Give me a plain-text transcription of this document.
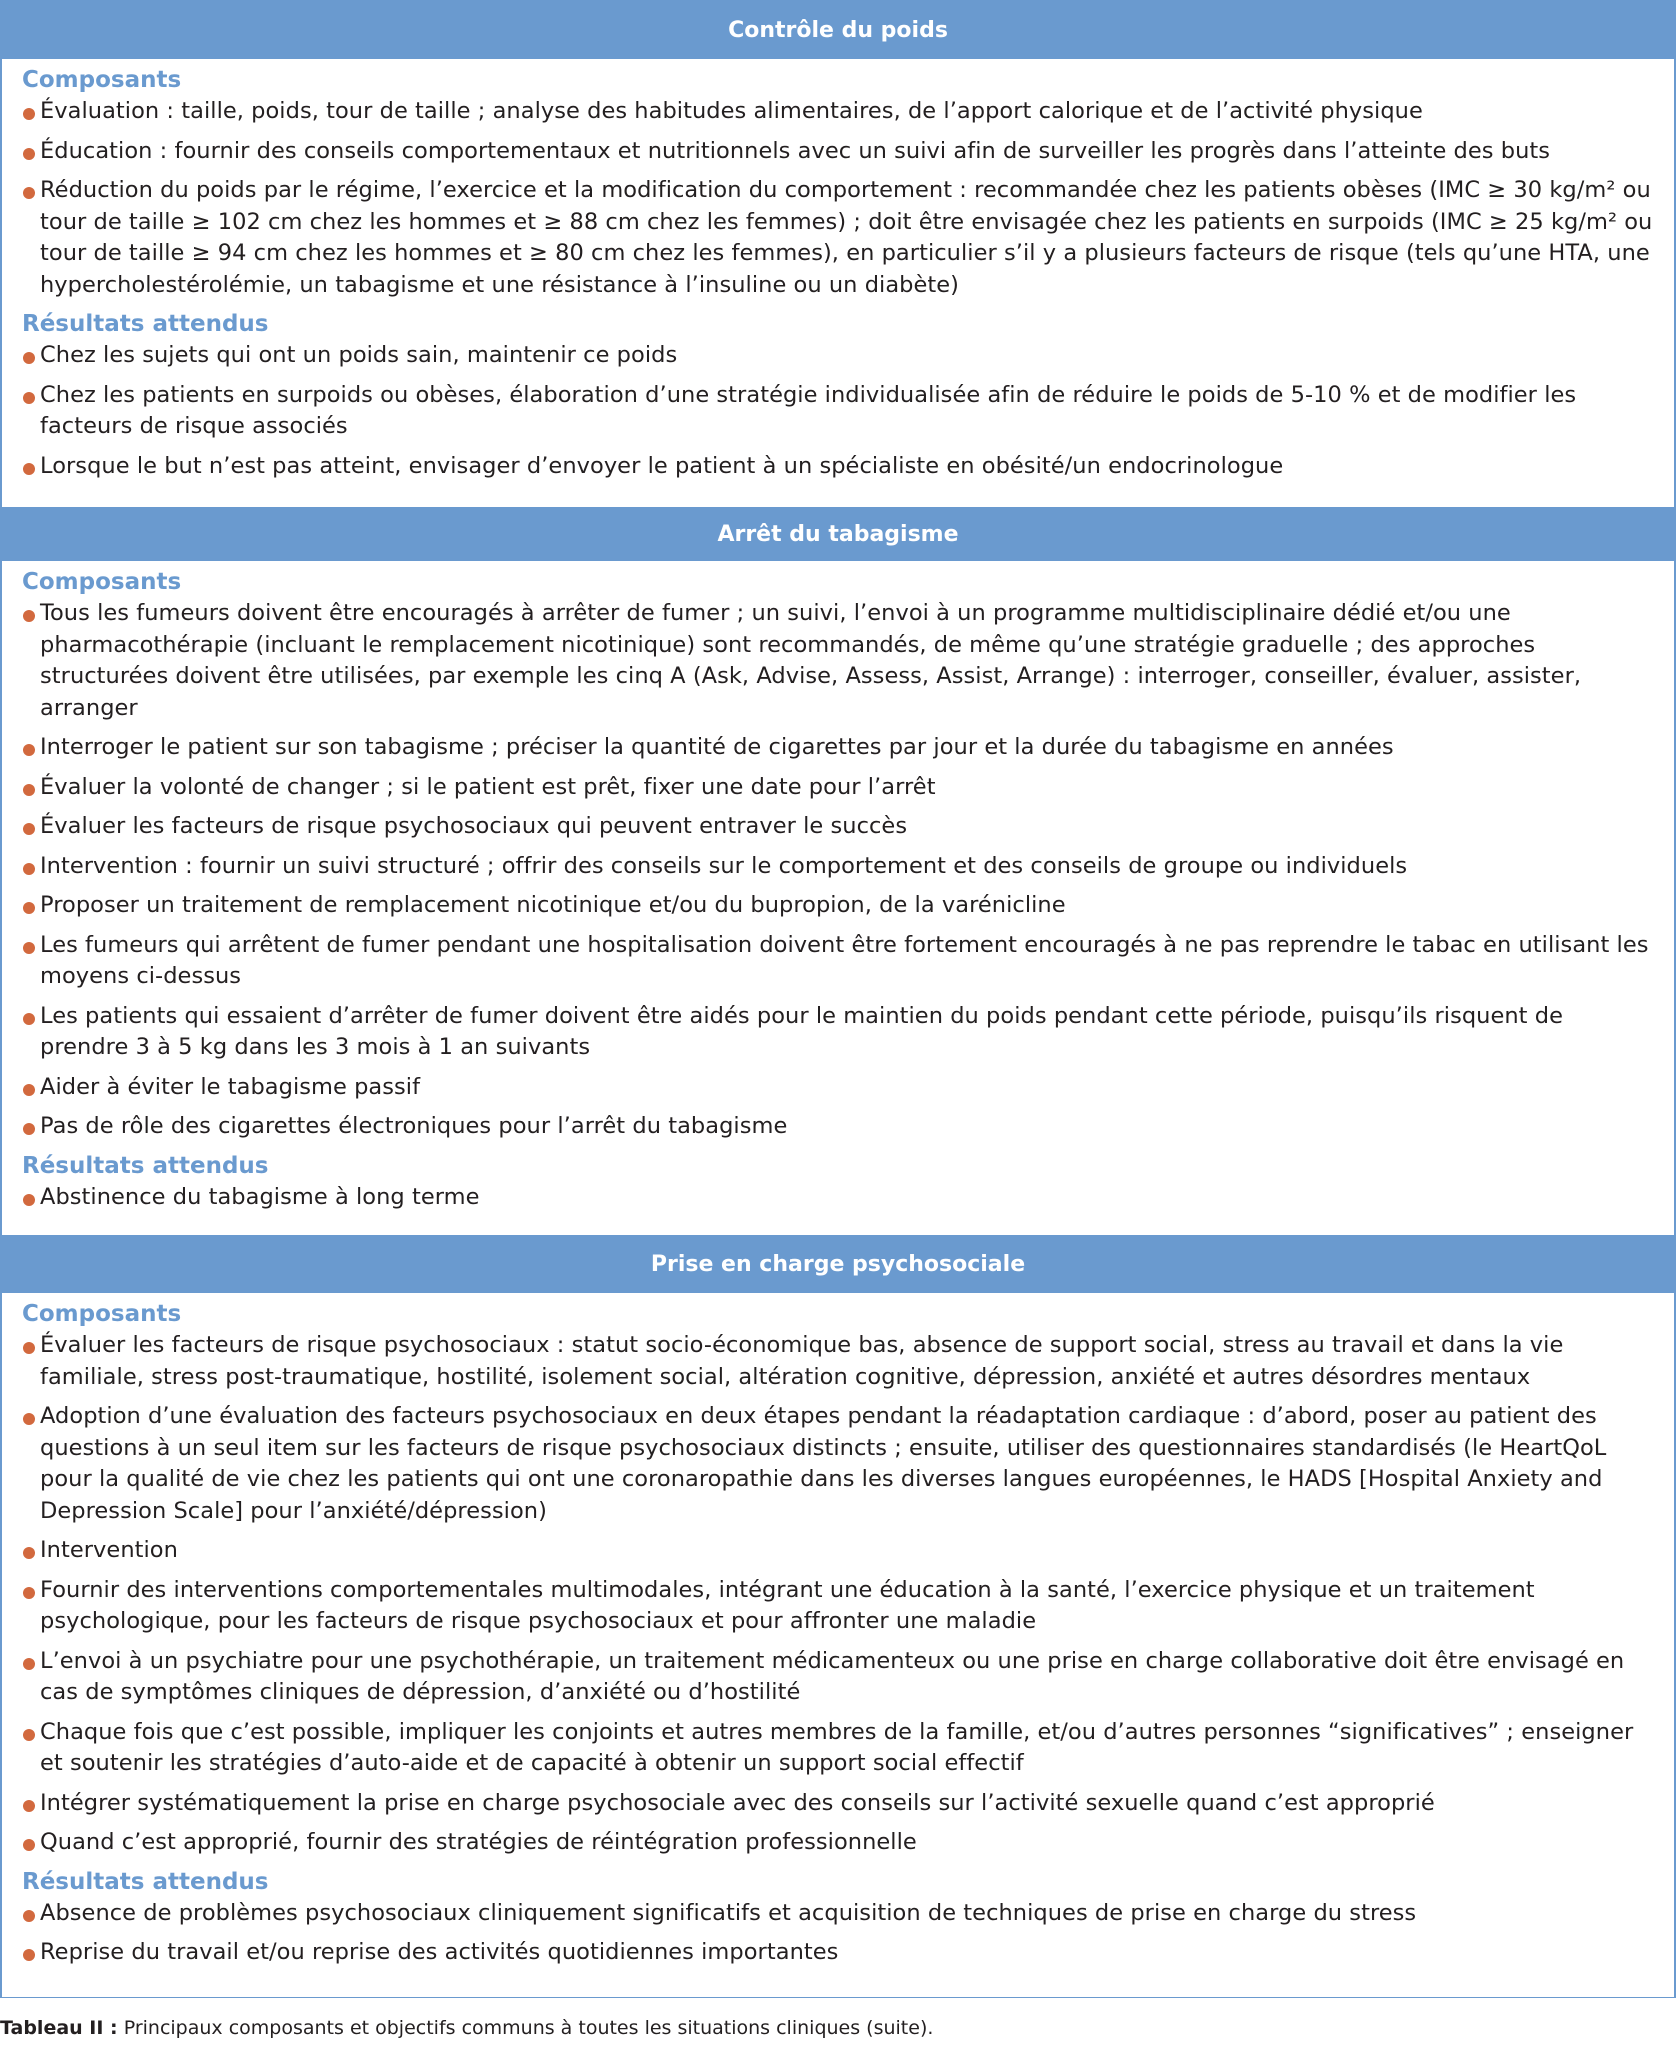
Contrôle du poids

Composants

Évaluation : taille, poids, tour de taille ; analyse des habitudes alimentaires, de l’apport calorique et de l’activité physique

Éducation : fournir des conseils comportementaux et nutritionnels avec un suivi afin de surveiller les progrès dans l’atteinte des buts

Réduction du poids par le régime, l’exercice et la modification du comportement : recommandée chez les patients obèses (IMC ≥ 30 kg/m² ou tour de taille ≥ 102 cm chez les hommes et ≥ 88 cm chez les femmes) ; doit être envisagée chez les patients en surpoids (IMC ≥ 25 kg/m² ou tour de taille ≥ 94 cm chez les hommes et ≥ 80 cm chez les femmes), en particulier s’il y a plusieurs facteurs de risque (tels qu’une HTA, une hypercholestérolémie, un tabagisme et une résistance à l’insuline ou un diabète)

Résultats attendus

Chez les sujets qui ont un poids sain, maintenir ce poids

Chez les patients en surpoids ou obèses, élaboration d’une stratégie individualisée afin de réduire le poids de 5-10 % et de modifier les facteurs de risque associés

Lorsque le but n’est pas atteint, envisager d’envoyer le patient à un spécialiste en obésité/un endocrinologue

Arrêt du tabagisme

Composants

Tous les fumeurs doivent être encouragés à arrêter de fumer ; un suivi, l’envoi à un programme multidisciplinaire dédié et/ou une pharmacothérapie (incluant le remplacement nicotinique) sont recommandés, de même qu’une stratégie graduelle ; des approches structurées doivent être utilisées, par exemple les cinq A (Ask, Advise, Assess, Assist, Arrange) : interroger, conseiller, évaluer, assister, arranger

Interroger le patient sur son tabagisme ; préciser la quantité de cigarettes par jour et la durée du tabagisme en années

Évaluer la volonté de changer ; si le patient est prêt, fixer une date pour l’arrêt

Évaluer les facteurs de risque psychosociaux qui peuvent entraver le succès

Intervention : fournir un suivi structuré ; offrir des conseils sur le comportement et des conseils de groupe ou individuels

Proposer un traitement de remplacement nicotinique et/ou du bupropion, de la varénicline

Les fumeurs qui arrêtent de fumer pendant une hospitalisation doivent être fortement encouragés à ne pas reprendre le tabac en utilisant les moyens ci-dessus

Les patients qui essaient d’arrêter de fumer doivent être aidés pour le maintien du poids pendant cette période, puisqu’ils risquent de prendre 3 à 5 kg dans les 3 mois à 1 an suivants

Aider à éviter le tabagisme passif

Pas de rôle des cigarettes électroniques pour l’arrêt du tabagisme

Résultats attendus

Abstinence du tabagisme à long terme

Prise en charge psychosociale

Composants

Évaluer les facteurs de risque psychosociaux : statut socio-économique bas, absence de support social, stress au travail et dans la vie familiale, stress post-traumatique, hostilité, isolement social, altération cognitive, dépression, anxiété et autres désordres mentaux

Adoption d’une évaluation des facteurs psychosociaux en deux étapes pendant la réadaptation cardiaque : d’abord, poser au patient des questions à un seul item sur les facteurs de risque psychosociaux distincts ; ensuite, utiliser des questionnaires standardisés (le HeartQoL pour la qualité de vie chez les patients qui ont une coronaropathie dans les diverses langues européennes, le HADS [Hospital Anxiety and Depression Scale] pour l’anxiété/dépression)

Intervention

Fournir des interventions comportementales multimodales, intégrant une éducation à la santé, l’exercice physique et un traitement psychologique, pour les facteurs de risque psychosociaux et pour affronter une maladie

L’envoi à un psychiatre pour une psychothérapie, un traitement médicamenteux ou une prise en charge collaborative doit être envisagé en cas de symptômes cliniques de dépression, d’anxiété ou d’hostilité

Chaque fois que c’est possible, impliquer les conjoints et autres membres de la famille, et/ou d’autres personnes “significatives” ; enseigner et soutenir les stratégies d’auto-aide et de capacité à obtenir un support social effectif

Intégrer systématiquement la prise en charge psychosociale avec des conseils sur l’activité sexuelle quand c’est approprié

Quand c’est approprié, fournir des stratégies de réintégration professionnelle

Résultats attendus

Absence de problèmes psychosociaux cliniquement significatifs et acquisition de techniques de prise en charge du stress

Reprise du travail et/ou reprise des activités quotidiennes importantes

Tableau II : Principaux composants et objectifs communs à toutes les situations cliniques (suite).
